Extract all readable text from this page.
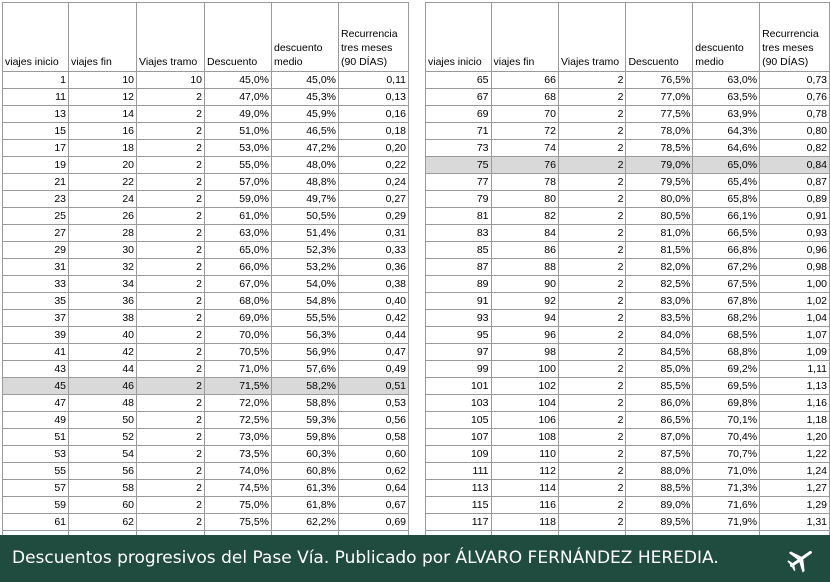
viajes inicio	viajes fin	Viajes tramo	Descuento	descuento medio	Recurrencia tres meses (90 DÍAS)
1	10	10	45,0%	45,0%	0,11
11	12	2	47,0%	45,3%	0,13
13	14	2	49,0%	45,9%	0,16
15	16	2	51,0%	46,5%	0,18
17	18	2	53,0%	47,2%	0,20
19	20	2	55,0%	48,0%	0,22
21	22	2	57,0%	48,8%	0,24
23	24	2	59,0%	49,7%	0,27
25	26	2	61,0%	50,5%	0,29
27	28	2	63,0%	51,4%	0,31
29	30	2	65,0%	52,3%	0,33
31	32	2	66,0%	53,2%	0,36
33	34	2	67,0%	54,0%	0,38
35	36	2	68,0%	54,8%	0,40
37	38	2	69,0%	55,5%	0,42
39	40	2	70,0%	56,3%	0,44
41	42	2	70,5%	56,9%	0,47
43	44	2	71,0%	57,6%	0,49
45	46	2	71,5%	58,2%	0,51
47	48	2	72,0%	58,8%	0,53
49	50	2	72,5%	59,3%	0,56
51	52	2	73,0%	59,8%	0,58
53	54	2	73,5%	60,3%	0,60
55	56	2	74,0%	60,8%	0,62
57	58	2	74,5%	61,3%	0,64
59	60	2	75,0%	61,8%	0,67
61	62	2	75,5%	62,2%	0,69

viajes inicio	viajes fin	Viajes tramo	Descuento	descuento medio	Recurrencia tres meses (90 DÍAS)
65	66	2	76,5%	63,0%	0,73
67	68	2	77,0%	63,5%	0,76
69	70	2	77,5%	63,9%	0,78
71	72	2	78,0%	64,3%	0,80
73	74	2	78,5%	64,6%	0,82
75	76	2	79,0%	65,0%	0,84
77	78	2	79,5%	65,4%	0,87
79	80	2	80,0%	65,8%	0,89
81	82	2	80,5%	66,1%	0,91
83	84	2	81,0%	66,5%	0,93
85	86	2	81,5%	66,8%	0,96
87	88	2	82,0%	67,2%	0,98
89	90	2	82,5%	67,5%	1,00
91	92	2	83,0%	67,8%	1,02
93	94	2	83,5%	68,2%	1,04
95	96	2	84,0%	68,5%	1,07
97	98	2	84,5%	68,8%	1,09
99	100	2	85,0%	69,2%	1,11
101	102	2	85,5%	69,5%	1,13
103	104	2	86,0%	69,8%	1,16
105	106	2	86,5%	70,1%	1,18
107	108	2	87,0%	70,4%	1,20
109	110	2	87,5%	70,7%	1,22
111	112	2	88,0%	71,0%	1,24
113	114	2	88,5%	71,3%	1,27
115	116	2	89,0%	71,6%	1,29
117	118	2	89,5%	71,9%	1,31

Descuentos progresivos del Pase Vía. Publicado por ÁLVARO FERNÁNDEZ HEREDIA.
